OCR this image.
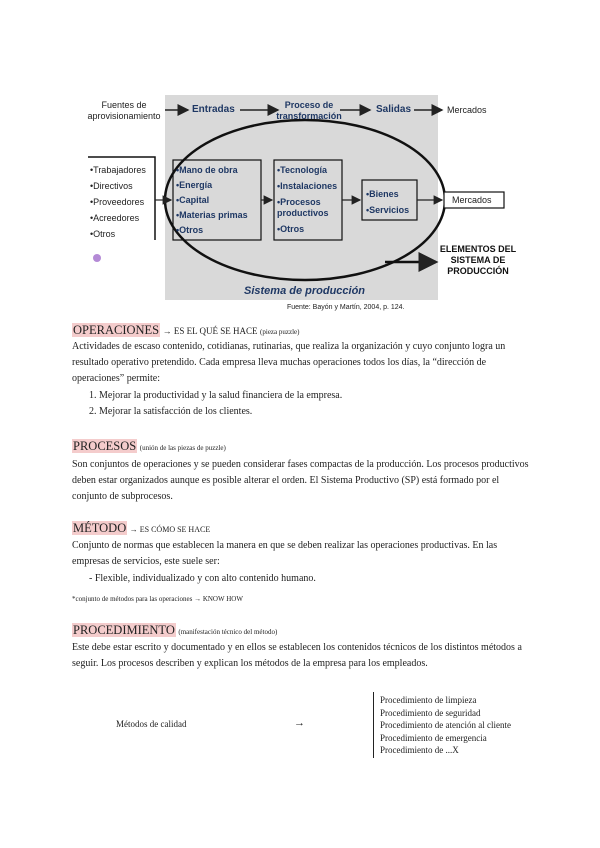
Fuentes de aprovisionamiento
Entradas	Proceso de transformación
Salidas	Mercados
•Trabajadores
•Directivos
•Proveedores
•Acreedores
•Otros
•Mano de obra
•Energía
•Capital
•Materias primas
•Otros
•Tecnología
•Instalaciones
•Procesos productivos
•Otros
•Bienes
•Servicios
Mercados
ELEMENTOS DEL SISTEMA DE PRODUCCIÓN
Sistema de producción
Fuente: Bayón y Martín, 2004, p. 124.
OPERACIONES → ES EL QUÉ SE HACE (pieza puzzle)
Actividades de escaso contenido, cotidianas, rutinarias, que realiza la organización y cuyo conjunto logra un resultado operativo pretendido. Cada empresa lleva muchas operaciones todos los días, la “dirección de operaciones” permite:
1. Mejorar la productividad y la salud financiera de la empresa.
2. Mejorar la satisfacción de los clientes.
PROCESOS (unión de las piezas de puzzle)
Son conjuntos de operaciones y se pueden considerar fases compactas de la producción. Los procesos productivos deben estar organizados aunque es posible alterar el orden. El Sistema Productivo (SP) está formado por el conjunto de subprocesos.
MÉTODO → ES CÓMO SE HACE
Conjunto de normas que establecen la manera en que se deben realizar las operaciones productivas. En las empresas de servicios, este suele ser:
- Flexible, individualizado y con alto contenido humano.
*conjunto de métodos para las operaciones → KNOW HOW
PROCEDIMIENTO (manifestación técnico del método)
Este debe estar escrito y documentado y en ellos se establecen los contenidos técnicos de los distintos métodos a seguir. Los procesos describen y explican los métodos de la empresa para los empleados.
Métodos de calidad	→
Procedimiento de limpieza
Procedimiento de seguridad
Procedimiento de atención al cliente
Procedimiento de emergencia
Procedimiento de ...X
